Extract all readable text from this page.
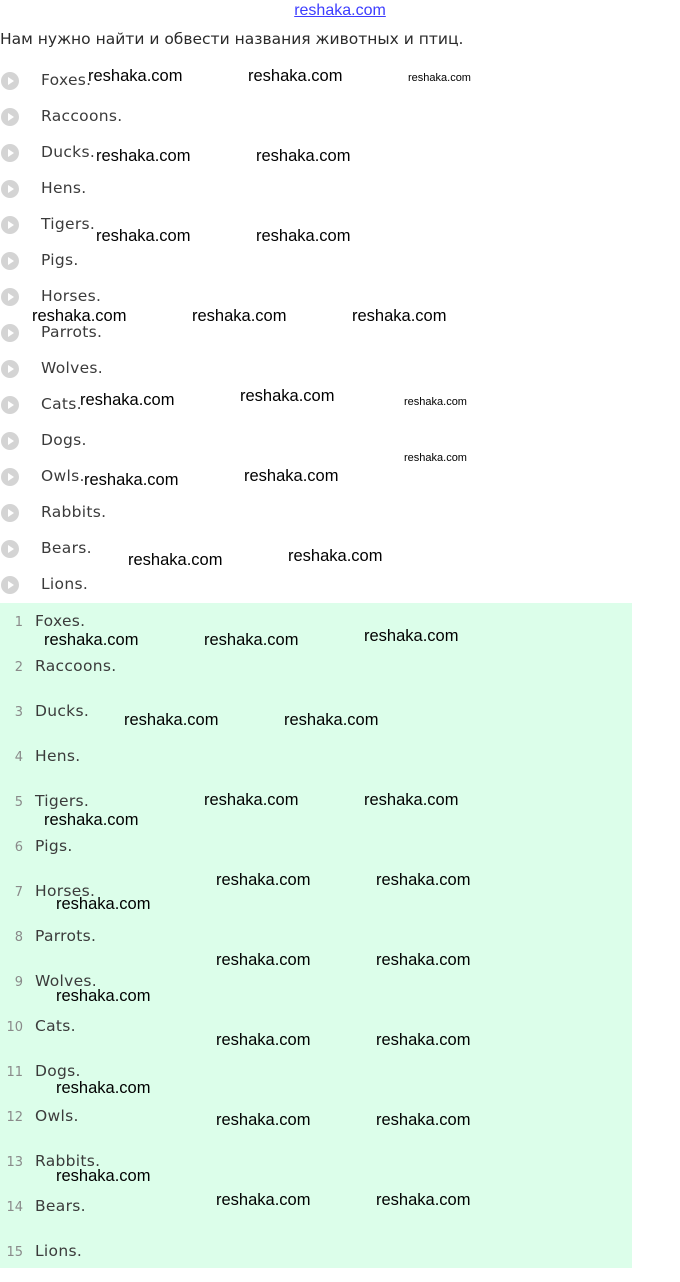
reshaka.com
Нам нужно найти и обвести названия животных и птиц.
Foxes.
Raccoons.
Ducks.
Hens.
Tigers.
Pigs.
Horses.
Parrots.
Wolves.
Cats.
Dogs.
Owls.
Rabbits.
Bears.
Lions.
1 Foxes.
2 Raccoons.
3 Ducks.
4 Hens.
5 Tigers.
6 Pigs.
7 Horses.
8 Parrots.
9 Wolves.
10 Cats.
11 Dogs.
12 Owls.
13 Rabbits.
14 Bears.
15 Lions.
reshaka.com	reshaka.com	reshaka.com
reshaka.com	reshaka.com
reshaka.com	reshaka.com
reshaka.com	reshaka.com	reshaka.com
reshaka.com	reshaka.com	reshaka.com
reshaka.com
reshaka.com	reshaka.com
reshaka.com	reshaka.com
reshaka.com	reshaka.com	reshaka.com
reshaka.com	reshaka.com
reshaka.com	reshaka.com
reshaka.com
reshaka.com	reshaka.com
reshaka.com
reshaka.com	reshaka.com
reshaka.com
reshaka.com	reshaka.com
reshaka.com
reshaka.com	reshaka.com
reshaka.com
reshaka.com	reshaka.com
